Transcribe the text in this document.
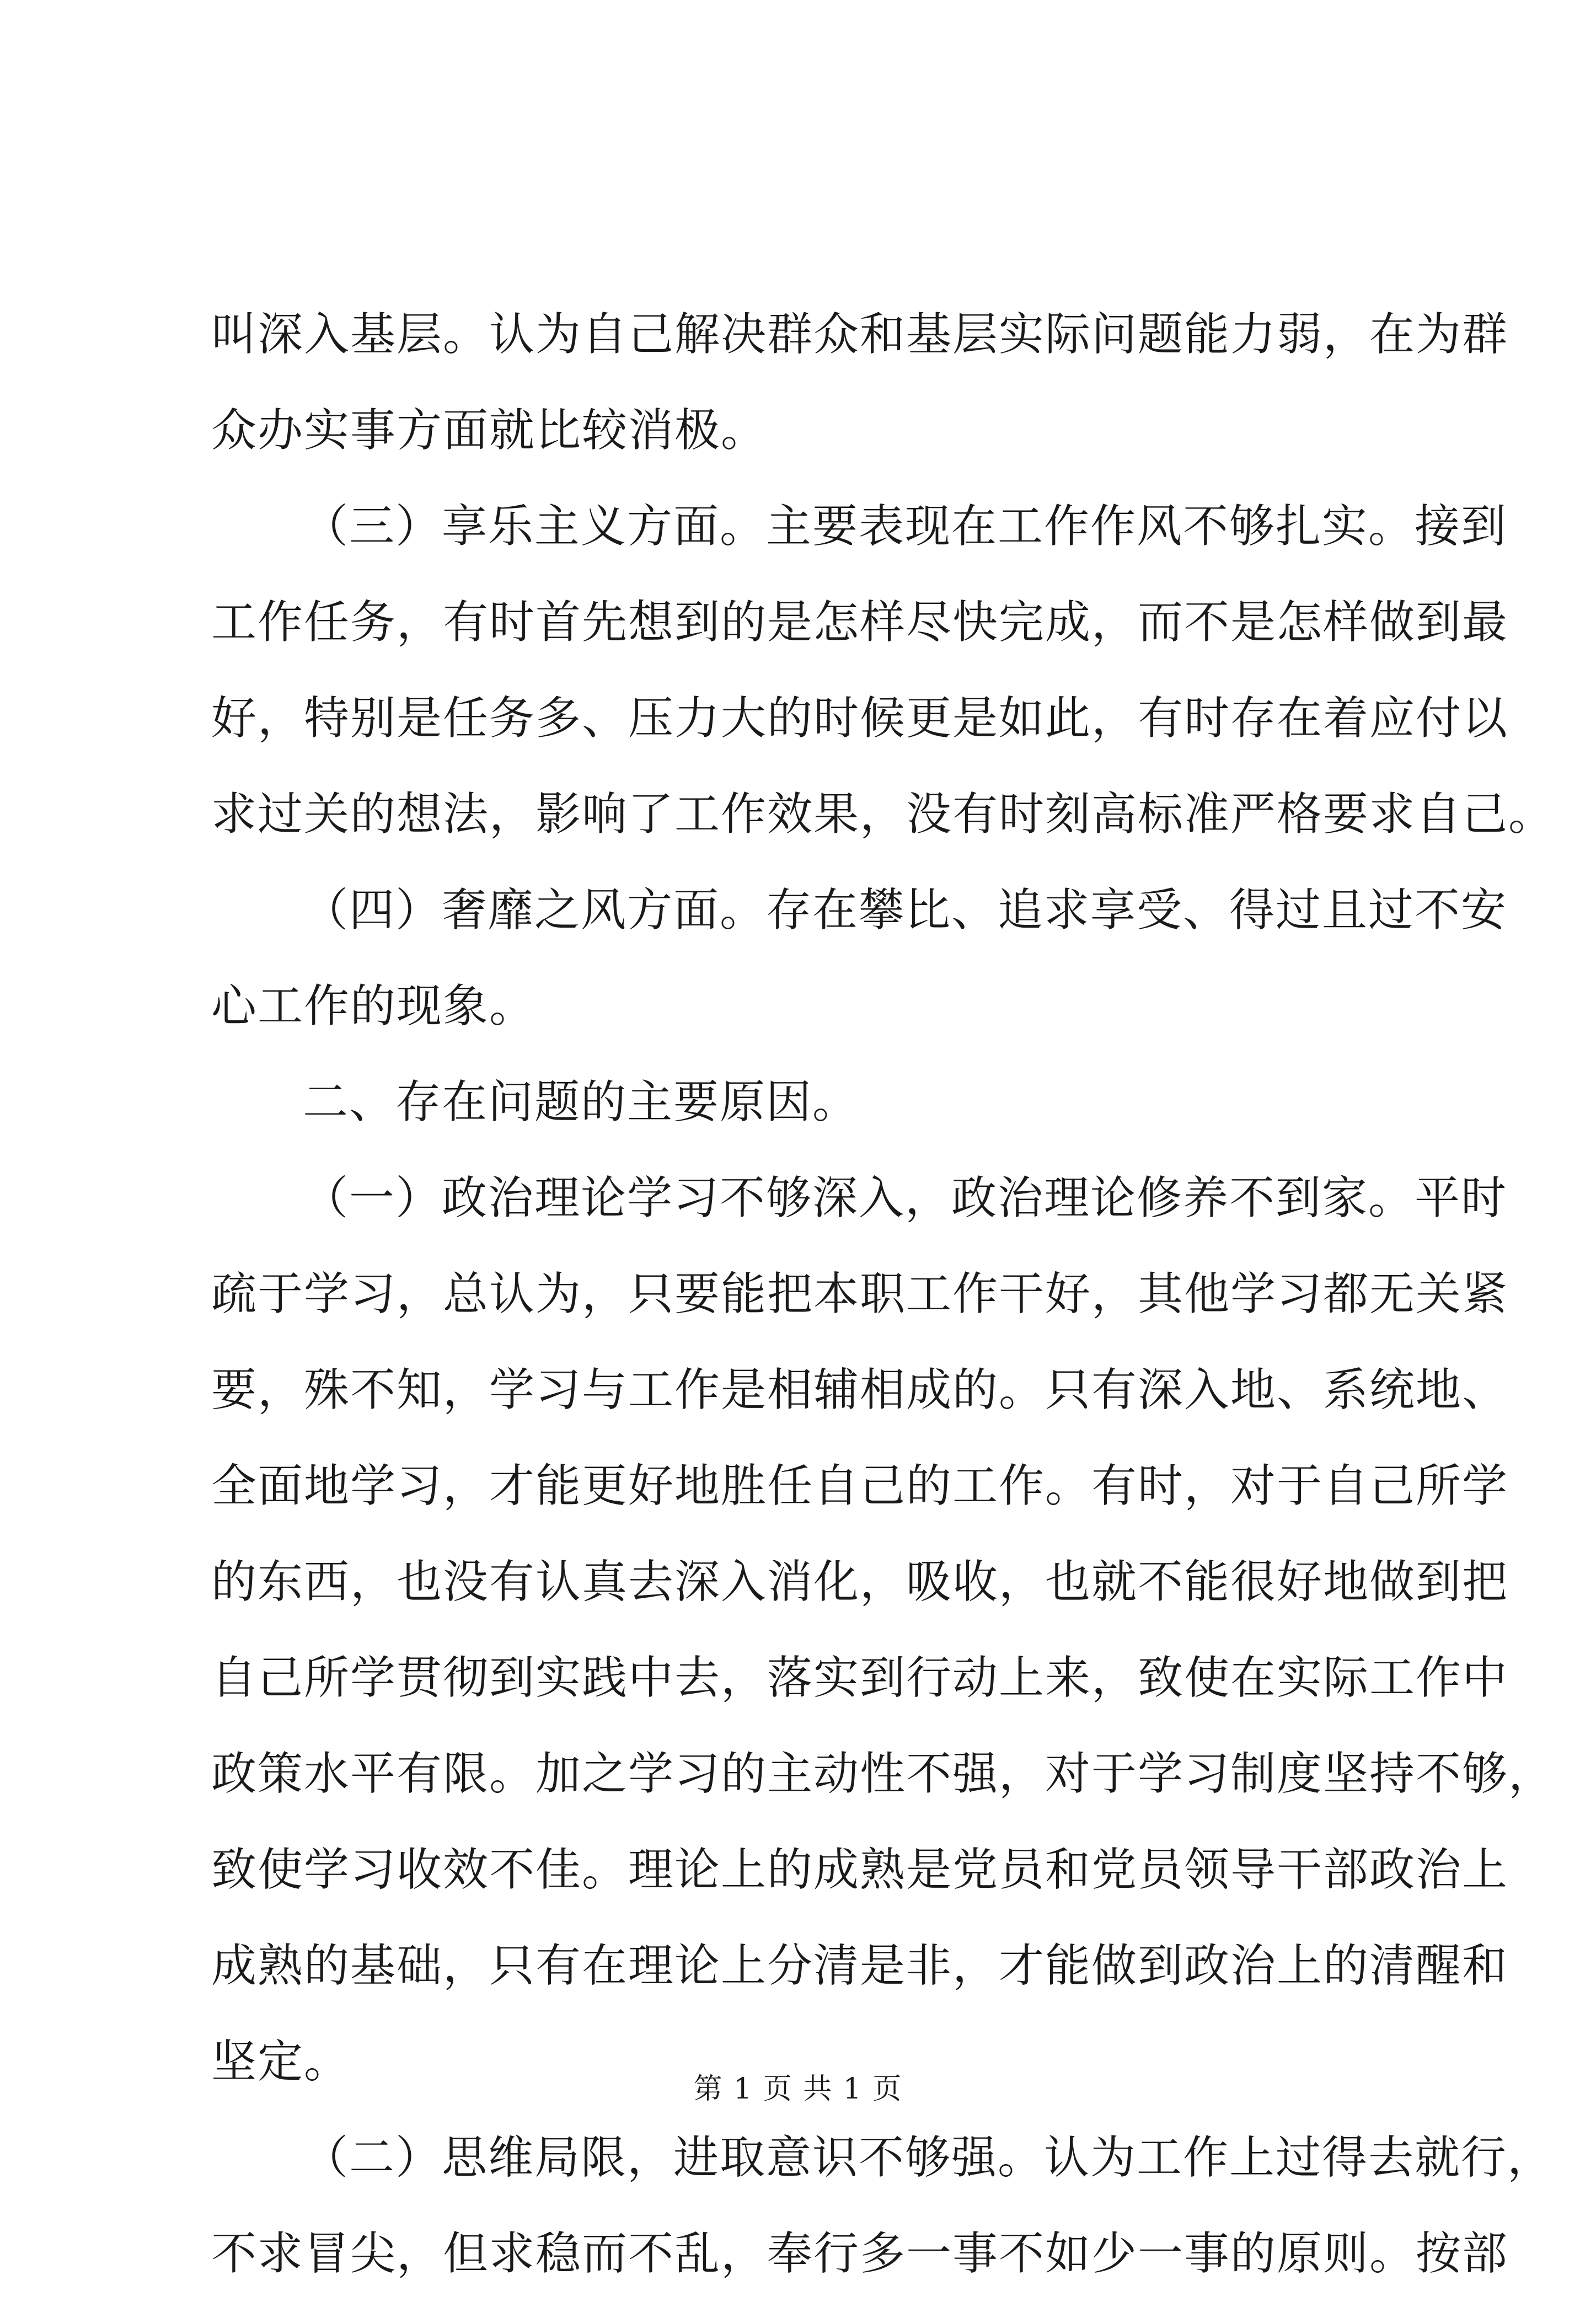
叫深入基层。认为自己解决群众和基层实际问题能力弱，在为群
众办实事方面就比较消极。

（三）享乐主义方面。主要表现在工作作风不够扎实。接到
工作任务，有时首先想到的是怎样尽快完成，而不是怎样做到最
好，特别是任务多、压力大的时候更是如此，有时存在着应付以
求过关的想法，影响了工作效果，没有时刻高标准严格要求自己。

（四）奢靡之风方面。存在攀比、追求享受、得过且过不安
心工作的现象。

二、存在问题的主要原因。

（一）政治理论学习不够深入，政治理论修养不到家。平时
疏于学习，总认为，只要能把本职工作干好，其他学习都无关紧
要，殊不知，学习与工作是相辅相成的。只有深入地、系统地、
全面地学习，才能更好地胜任自己的工作。有时，对于自己所学
的东西，也没有认真去深入消化，吸收，也就不能很好地做到把
自己所学贯彻到实践中去，落实到行动上来，致使在实际工作中
政策水平有限。加之学习的主动性不强，对于学习制度坚持不够，
致使学习收效不佳。理论上的成熟是党员和党员领导干部政治上
成熟的基础，只有在理论上分清是非，才能做到政治上的清醒和
坚定。

（二）思维局限，进取意识不够强。认为工作上过得去就行，
不求冒尖，但求稳而不乱，奉行多一事不如少一事的原则。按部

第 1 页 共 1 页
